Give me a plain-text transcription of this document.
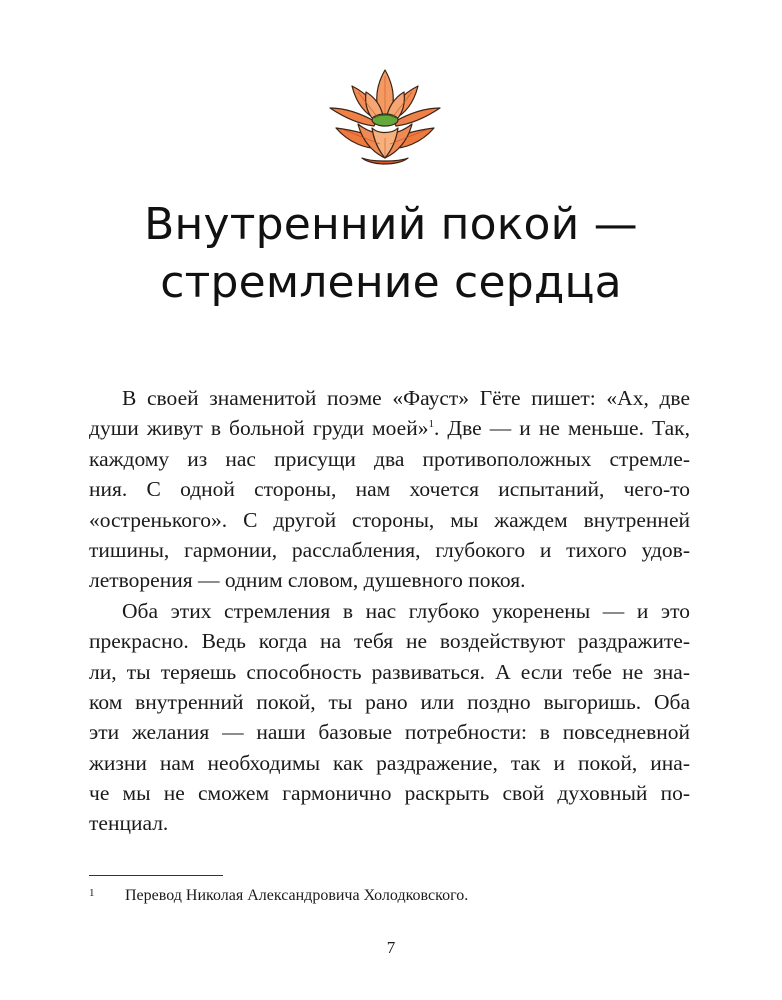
Внутренний покой —
стремление сердца
В своей знаменитой поэме «Фауст» Гёте пишет: «Ах, две
души живут в больной груди моей»$^1$. Две — и не меньше. Так,
каждому из нас присущи два противоположных стремле-
ния. С одной стороны, нам хочется испытаний, чего-то
«остренького». С другой стороны, мы жаждем внутренней
тишины, гармонии, расслабления, глубокого и тихого удов-
летворения — одним словом, душевного покоя.
Оба этих стремления в нас глубоко укоренены — и это
прекрасно. Ведь когда на тебя не воздействуют раздражите-
ли, ты теряешь способность развиваться. А если тебе не зна-
ком внутренний покой, ты рано или поздно выгоришь. Оба
эти желания — наши базовые потребности: в повседневной
жизни нам необходимы как раздражение, так и покой, ина-
че мы не сможем гармонично раскрыть свой духовный по-
тенциал.
1 Перевод Николая Александровича Холодковского.
7
